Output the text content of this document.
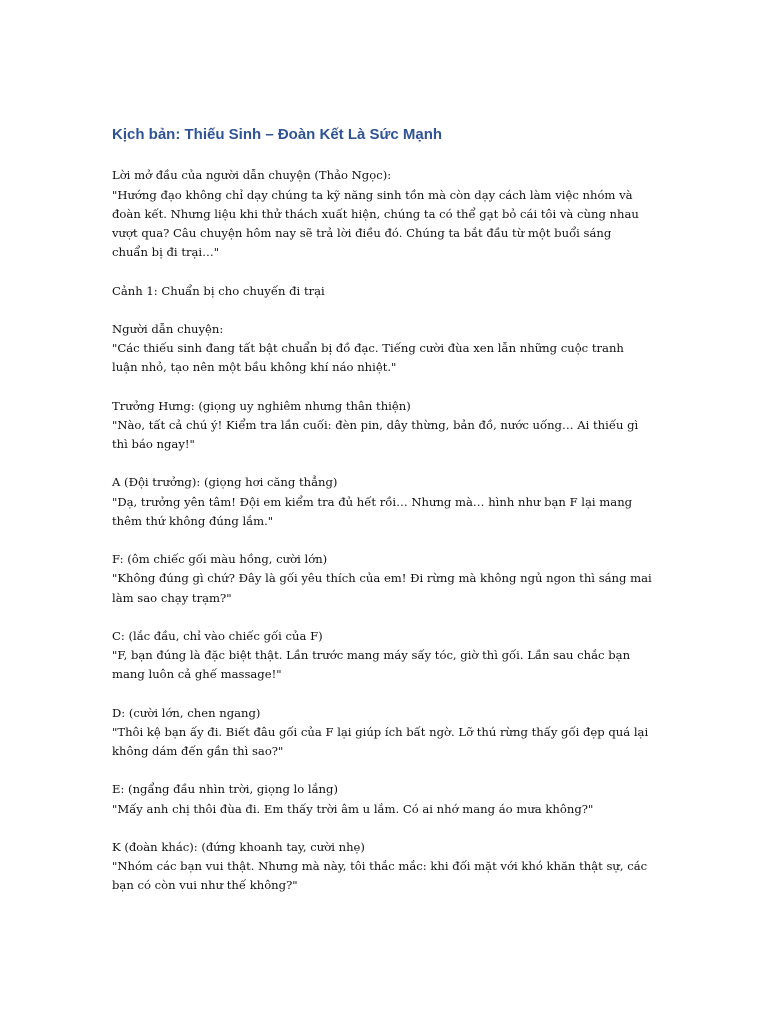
Kịch bản: Thiếu Sinh – Đoàn Kết Là Sức Mạnh
Lời mở đầu của người dẫn chuyện (Thảo Ngọc):
"Hướng đạo không chỉ dạy chúng ta kỹ năng sinh tồn mà còn dạy cách làm việc nhóm và
đoàn kết. Nhưng liệu khi thử thách xuất hiện, chúng ta có thể gạt bỏ cái tôi và cùng nhau
vượt qua? Câu chuyện hôm nay sẽ trả lời điều đó. Chúng ta bắt đầu từ một buổi sáng
chuẩn bị đi trại…"
Cảnh 1: Chuẩn bị cho chuyến đi trại
Người dẫn chuyện:
"Các thiếu sinh đang tất bật chuẩn bị đồ đạc. Tiếng cười đùa xen lẫn những cuộc tranh
luận nhỏ, tạo nên một bầu không khí náo nhiệt."
Trưởng Hưng: (giọng uy nghiêm nhưng thân thiện)
"Nào, tất cả chú ý! Kiểm tra lần cuối: đèn pin, dây thừng, bản đồ, nước uống… Ai thiếu gì
thì báo ngay!"
A (Đội trưởng): (giọng hơi căng thẳng)
"Dạ, trưởng yên tâm! Đội em kiểm tra đủ hết rồi… Nhưng mà… hình như bạn F lại mang
thêm thứ không đúng lắm."
F: (ôm chiếc gối màu hồng, cười lớn)
"Không đúng gì chứ? Đây là gối yêu thích của em! Đi rừng mà không ngủ ngon thì sáng mai
làm sao chạy trạm?"
C: (lắc đầu, chỉ vào chiếc gối của F)
"F, bạn đúng là đặc biệt thật. Lần trước mang máy sấy tóc, giờ thì gối. Lần sau chắc bạn
mang luôn cả ghế massage!"
D: (cười lớn, chen ngang)
"Thôi kệ bạn ấy đi. Biết đâu gối của F lại giúp ích bất ngờ. Lỡ thú rừng thấy gối đẹp quá lại
không dám đến gần thì sao?"
E: (ngẩng đầu nhìn trời, giọng lo lắng)
"Mấy anh chị thôi đùa đi. Em thấy trời âm u lắm. Có ai nhớ mang áo mưa không?"
K (đoàn khác): (đứng khoanh tay, cười nhẹ)
"Nhóm các bạn vui thật. Nhưng mà này, tôi thắc mắc: khi đối mặt với khó khăn thật sự, các
bạn có còn vui như thế không?"
